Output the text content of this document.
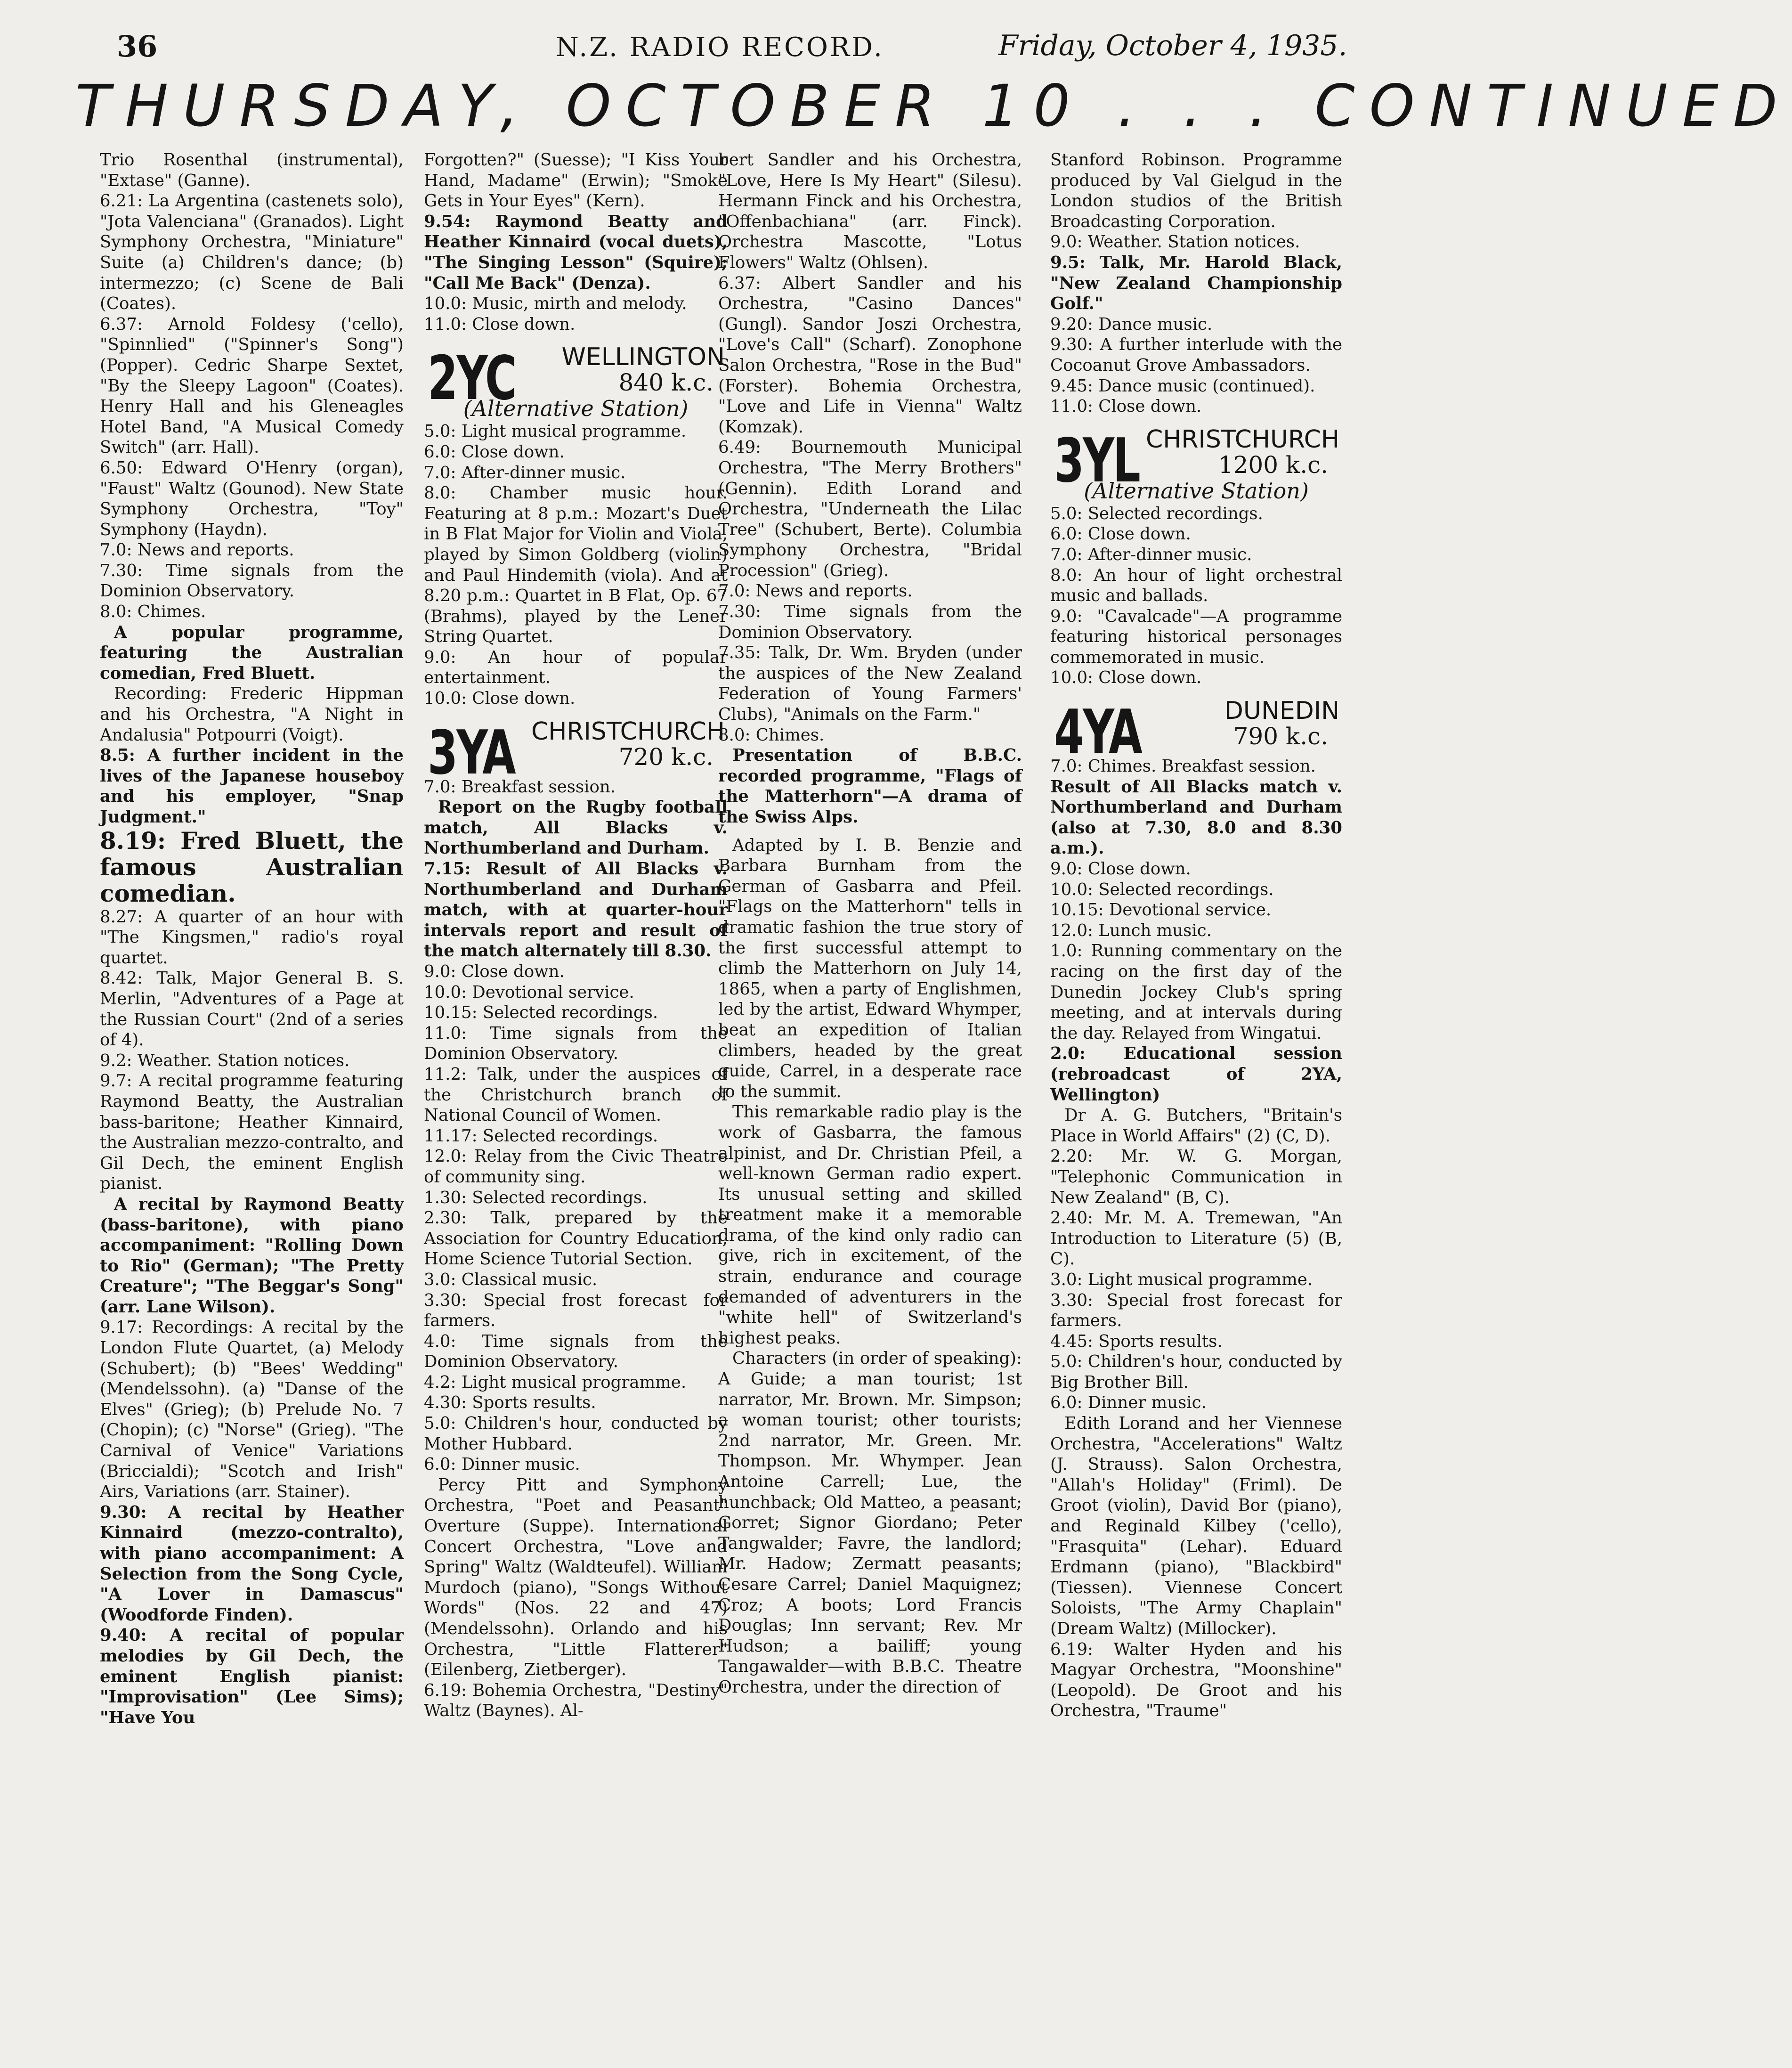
36	N.Z. RADIO RECORD.	Friday, October 4, 1935.
THURSDAY, OCTOBER 10 . . . CONTINUED

Trio Rosenthal (instrumental), "Extase" (Ganne).

6.21: La Argentina (castenets solo), "Jota Valenciana" (Granados). Light Symphony Orchestra, "Miniature" Suite (a) Children's dance; (b) intermezzo; (c) Scene de Bali (Coates).

6.37: Arnold Foldesy ('cello), "Spinnlied" ("Spinner's Song") (Popper). Cedric Sharpe Sextet, "By the Sleepy Lagoon" (Coates). Henry Hall and his Gleneagles Hotel Band, "A Musical Comedy Switch" (arr. Hall).

6.50: Edward O'Henry (organ), "Faust" Waltz (Gounod). New State Symphony Orchestra, "Toy" Symphony (Haydn).

7.0: News and reports.

7.30: Time signals from the Dominion Observatory.

8.0: Chimes.

A popular programme, featuring the Australian comedian, Fred Bluett.

Recording: Frederic Hippman and his Orchestra, "A Night in Andalusia" Potpourri (Voigt).

8.5: A further incident in the lives of the Japanese houseboy and his employer, "Snap Judgment."

8.19: Fred Bluett, the famous Australian comedian.

8.27: A quarter of an hour with "The Kingsmen," radio's royal quartet.

8.42: Talk, Major General B. S. Merlin, "Adventures of a Page at the Russian Court" (2nd of a series of 4).

9.2: Weather. Station notices.

9.7: A recital programme featuring Raymond Beatty, the Australian bass-baritone; Heather Kinnaird, the Australian mezzo-contralto, and Gil Dech, the eminent English pianist.

A recital by Raymond Beatty (bass-baritone), with piano accompaniment: "Rolling Down to Rio" (German); "The Pretty Creature"; "The Beggar's Song" (arr. Lane Wilson).

9.17: Recordings: A recital by the London Flute Quartet, (a) Melody (Schubert); (b) "Bees' Wedding" (Mendelssohn). (a) "Danse of the Elves" (Grieg); (b) Prelude No. 7 (Chopin); (c) "Norse" (Grieg). "The Carnival of Venice" Variations (Briccialdi); "Scotch and Irish" Airs, Variations (arr. Stainer).

9.30: A recital by Heather Kinnaird (mezzo-contralto), with piano accompaniment: A Selection from the Song Cycle, "A Lover in Damascus" (Woodforde Finden).

9.40: A recital of popular melodies by Gil Dech, the eminent English pianist: "Improvisation" (Lee Sims); "Have You

Forgotten?" (Suesse); "I Kiss Your Hand, Madame" (Erwin); "Smoke Gets in Your Eyes" (Kern).

9.54: Raymond Beatty and Heather Kinnaird (vocal duets), "The Singing Lesson" (Squire); "Call Me Back" (Denza).

10.0: Music, mirth and melody.

11.0: Close down.

2YC WELLINGTON
840 k.c.
(Alternative Station)

5.0: Light musical programme.

6.0: Close down.

7.0: After-dinner music.

8.0: Chamber music hour. Featuring at 8 p.m.: Mozart's Duet in B Flat Major for Violin and Viola, played by Simon Goldberg (violin) and Paul Hindemith (viola). And at 8.20 p.m.: Quartet in B Flat, Op. 67 (Brahms), played by the Lener String Quartet.

9.0: An hour of popular entertainment.

10.0: Close down.

3YA CHRISTCHURCH
720 k.c.

7.0: Breakfast session.

Report on the Rugby football match, All Blacks v. Northumberland and Durham.

7.15: Result of All Blacks v. Northumberland and Durham match, with at quarter-hour intervals report and result of the match alternately till 8.30.

9.0: Close down.

10.0: Devotional service.

10.15: Selected recordings.

11.0: Time signals from the Dominion Observatory.

11.2: Talk, under the auspices of the Christchurch branch of National Council of Women.

11.17: Selected recordings.

12.0: Relay from the Civic Theatre of community sing.

1.30: Selected recordings.

2.30: Talk, prepared by the Association for Country Education, Home Science Tutorial Section.

3.0: Classical music.

3.30: Special frost forecast for farmers.

4.0: Time signals from the Dominion Observatory.

4.2: Light musical programme.

4.30: Sports results.

5.0: Children's hour, conducted by Mother Hubbard.

6.0: Dinner music.

Percy Pitt and Symphony Orchestra, "Poet and Peasant" Overture (Suppe). International Concert Orchestra, "Love and Spring" Waltz (Waldteufel). William Murdoch (piano), "Songs Without Words" (Nos. 22 and 47) (Mendelssohn). Orlando and his Orchestra, "Little Flatterer" (Eilenberg, Zietberger).

6.19: Bohemia Orchestra, "Destiny" Waltz (Baynes). Al-

bert Sandler and his Orchestra, "Love, Here Is My Heart" (Silesu). Hermann Finck and his Orchestra, "Offenbachiana" (arr. Finck). Orchestra Mascotte, "Lotus Flowers" Waltz (Ohlsen).

6.37: Albert Sandler and his Orchestra, "Casino Dances" (Gungl). Sandor Joszi Orchestra, "Love's Call" (Scharf). Zonophone Salon Orchestra, "Rose in the Bud" (Forster). Bohemia Orchestra, "Love and Life in Vienna" Waltz (Komzak).

6.49: Bournemouth Municipal Orchestra, "The Merry Brothers" (Gennin). Edith Lorand and Orchestra, "Underneath the Lilac Tree" (Schubert, Berte). Columbia Symphony Orchestra, "Bridal Procession" (Grieg).

7.0: News and reports.

7.30: Time signals from the Dominion Observatory.

7.35: Talk, Dr. Wm. Bryden (under the auspices of the New Zealand Federation of Young Farmers' Clubs), "Animals on the Farm."

8.0: Chimes.

Presentation of B.B.C. recorded programme, "Flags of the Matterhorn"—A drama of the Swiss Alps.

Adapted by I. B. Benzie and Barbara Burnham from the German of Gasbarra and Pfeil. "Flags on the Matterhorn" tells in dramatic fashion the true story of the first successful attempt to climb the Matterhorn on July 14, 1865, when a party of Englishmen, led by the artist, Edward Whymper, beat an expedition of Italian climbers, headed by the great guide, Carrel, in a desperate race to the summit.

This remarkable radio play is the work of Gasbarra, the famous alpinist, and Dr. Christian Pfeil, a well-known German radio expert. Its unusual setting and skilled treatment make it a memorable drama, of the kind only radio can give, rich in excitement, of the strain, endurance and courage demanded of adventurers in the "white hell" of Switzerland's highest peaks.

Characters (in order of speaking): A Guide; a man tourist; 1st narrator, Mr. Brown. Mr. Simpson; a woman tourist; other tourists; 2nd narrator, Mr. Green. Mr. Thompson. Mr. Whymper. Jean Antoine Carrell; Lue, the hunchback; Old Matteo, a peasant; Gorret; Signor Giordano; Peter Tangwalder; Favre, the landlord; Mr. Hadow; Zermatt peasants; Cesare Carrel; Daniel Maquignez; Croz; A boots; Lord Francis Douglas; Inn servant; Rev. Mr Hudson; a bailiff; young Tangawalder—with B.B.C. Theatre Orchestra, under the direction of

Stanford Robinson. Programme produced by Val Gielgud in the London studios of the British Broadcasting Corporation.

9.0: Weather. Station notices.

9.5: Talk, Mr. Harold Black, "New Zealand Championship Golf."

9.20: Dance music.

9.30: A further interlude with the Cocoanut Grove Ambassadors.

9.45: Dance music (continued).

11.0: Close down.

3YL CHRISTCHURCH
1200 k.c.
(Alternative Station)

5.0: Selected recordings.

6.0: Close down.

7.0: After-dinner music.

8.0: An hour of light orchestral music and ballads.

9.0: "Cavalcade"—A programme featuring historical personages commemorated in music.

10.0: Close down.

4YA	DUNEDIN
790 k.c.

7.0: Chimes. Breakfast session.

Result of All Blacks match v. Northumberland and Durham (also at 7.30, 8.0 and 8.30 a.m.).

9.0: Close down.

10.0: Selected recordings.

10.15: Devotional service.

12.0: Lunch music.

1.0: Running commentary on the racing on the first day of the Dunedin Jockey Club's spring meeting, and at intervals during the day. Relayed from Wingatui.

2.0: Educational session (rebroadcast of 2YA, Wellington)

Dr A. G. Butchers, "Britain's Place in World Affairs" (2) (C, D).

2.20: Mr. W. G. Morgan, "Telephonic Communication in New Zealand" (B, C).

2.40: Mr. M. A. Tremewan, "An Introduction to Literature (5) (B, C).

3.0: Light musical programme.

3.30: Special frost forecast for farmers.

4.45: Sports results.

5.0: Children's hour, conducted by Big Brother Bill.

6.0: Dinner music.

Edith Lorand and her Viennese Orchestra, "Accelerations" Waltz (J. Strauss). Salon Orchestra, "Allah's Holiday" (Friml). De Groot (violin), David Bor (piano), and Reginald Kilbey ('cello), "Frasquita" (Lehar). Eduard Erdmann (piano), "Blackbird" (Tiessen). Viennese Concert Soloists, "The Army Chaplain" (Dream Waltz) (Millocker).

6.19: Walter Hyden and his Magyar Orchestra, "Moonshine" (Leopold). De Groot and his Orchestra, "Traume"
